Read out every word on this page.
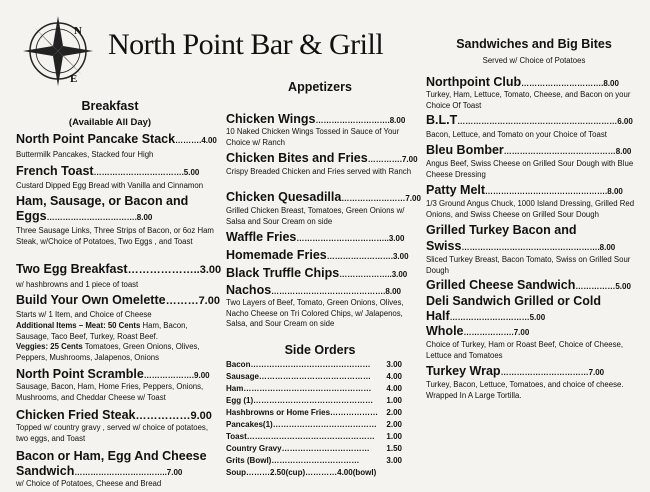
N
E
North Point Bar & Grill
Breakfast
(Available All Day)
North Point Pancake Stack……….4.00
Buttermilk Pancakes, Stacked four High
French Toast…………………………….5.00
Custard Dipped Egg Bread with Vanilla and Cinnamon
Ham, Sausage, or Bacon and Eggs…………………………….8.00
Three Sausage Links, Three Strips of Bacon, or 6oz Ham Steak, w/Choice of Potatoes, Two Eggs , and Toast
Two Egg Breakfast………………..3.00
w/ hashbrowns and 1 piece of toast
Build Your Own Omelette………7.00
Starts w/ 1 Item, and Choice of Cheese
Additional Items – Meat: 50 Cents Ham, Bacon, Sausage, Taco Beef, Turkey, Roast Beef.
Veggies: 25 Cents Tomatoes, Green Onions, Olives, Peppers, Mushrooms, Jalapenos, Onions
North Point Scramble……………….9.00
Sausage, Bacon, Ham, Home Fries, Peppers, Onions, Mushrooms, and Cheddar Cheese w/ Toast
Chicken Fried Steak……………9.00
Topped w/ country gravy , served w/ choice of potatoes, two eggs, and Toast
Bacon or Ham, Egg And Cheese Sandwich……………………………..7.00
w/ Choice of Potatoes, Cheese and Bread
Appetizers
Chicken Wings……………………….8.00
10 Naked Chicken Wings Tossed in Sauce of Your Choice w/ Ranch
Chicken Bites and Fries………….7.00
Crispy Breaded Chicken and Fries served with Ranch
Chicken Quesadilla……………………7.00
Grilled Chicken Breast, Tomatoes, Green Onions w/ Salsa and Sour Cream on side
Waffle Fries……………………………..3.00
Homemade Fries…………………….3.00
Black Truffle Chips………………..3.00
Nachos…………………………………….8.00
Two Layers of Beef, Tomato, Green Onions, Olives, Nacho Cheese on Tri Colored Chips, w/ Jalapenos, Salsa, and Sour Cream on side
Side Orders
Bacon……………………………………… 3.00
Sausage…………………………………… 4.00
Ham………………………………………… 4.00
Egg (1)……………………………………… 1.00
Hashbrowns or Home Fries……………… 2.00
Pancakes(1)………………………………… 2.00
Toast………………………………………… 1.00
Country Gravy…………………………… 1.50
Grits (Bowl)……………………………	3.00
Soup………2.50(cup)…………4.00(bowl)
Sandwiches and Big Bites
Served w/ Choice of Potatoes
Northpoint Club………………………….8.00
Turkey, Ham, Lettuce, Tomato, Cheese, and Bacon on your Choice Of Toast
B.L.T……………………………………………………6.00
Bacon, Lettuce, and Tomato on your Choice of Toast
Bleu Bomber……………………………………8.00
Angus Beef, Swiss Cheese on Grilled Sour Dough with Blue Cheese Dressing
Patty Melt……………………………………….8.00
1/3 Ground Angus Chuck, 1000 Island Dressing, Grilled Red Onions, and Swiss Cheese on Grilled Sour Dough
Grilled Turkey Bacon and Swiss…………………………………………….8.00
Sliced Turkey Breast, Bacon Tomato, Swiss on Grilled Sour Dough
Grilled Cheese Sandwich……………5.00
Deli Sandwich Grilled or Cold
Half…………………………5.00
Whole……………….7.00
Choice of Turkey, Ham or Roast Beef, Choice of Cheese, Lettuce and Tomatoes
Turkey Wrap……………………………7.00
Turkey, Bacon, Lettuce, Tomatoes, and choice of cheese. Wrapped In A Large Tortilla.
